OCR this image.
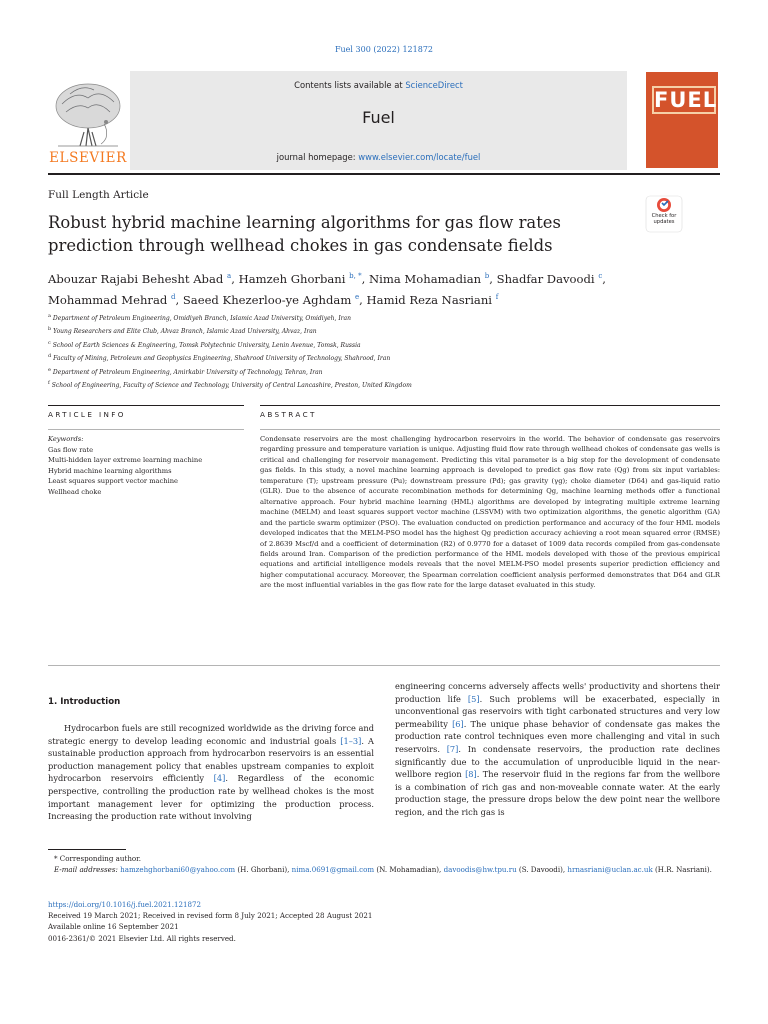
Fuel 300 (2022) 121872
Contents lists available at ScienceDirect
Fuel
journal homepage: www.elsevier.com/locate/fuel
ELSEVIER
FUEL
Full Length Article
Robust hybrid machine learning algorithms for gas flow rates prediction through wellhead chokes in gas condensate fields
Check for updates
Abouzar Rajabi Behesht Abad $^a$, Hamzeh Ghorbani $^{b, *}$, Nima Mohamadian $^b$, Shadfar Davoodi $^c$,
Mohammad Mehrad $^d$, Saeed Khezerloo-ye Aghdam $^e$, Hamid Reza Nasriani $^f$
$^a$ Department of Petroleum Engineering, Omidiyeh Branch, Islamic Azad University, Omidiyeh, Iran
$^b$ Young Researchers and Elite Club, Ahvaz Branch, Islamic Azad University, Ahvaz, Iran
$^c$ School of Earth Sciences & Engineering, Tomsk Polytechnic University, Lenin Avenue, Tomsk, Russia
$^d$ Faculty of Mining, Petroleum and Geophysics Engineering, Shahrood University of Technology, Shahrood, Iran
$^e$ Department of Petroleum Engineering, Amirkabir University of Technology, Tehran, Iran
$^f$ School of Engineering, Faculty of Science and Technology, University of Central Lancashire, Preston, United Kingdom
ARTICLE INFO	ABSTRACT
Keywords:
Gas flow rate
Multi-hidden layer extreme learning machine
Hybrid machine learning algorithms
Least squares support vector machine
Wellhead choke
Condensate reservoirs are the most challenging hydrocarbon reservoirs in the world. The behavior of condensate gas reservoirs regarding pressure and temperature variation is unique. Adjusting fluid flow rate through wellhead chokes of condensate gas wells is critical and challenging for reservoir management. Predicting this vital parameter is a big step for the development of condensate gas fields. In this study, a novel machine learning approach is developed to predict gas flow rate (Qg) from six input variables: temperature (T); upstream pressure (Pu); downstream pressure (Pd); gas gravity (γg); choke diameter (D64) and gas-liquid ratio (GLR). Due to the absence of accurate recombination methods for determining Qg, machine learning methods offer a functional alternative approach. Four hybrid machine learning (HML) algorithms are developed by integrating multiple extreme learning machine (MELM) and least squares support vector machine (LSSVM) with two optimization algorithms, the genetic algorithm (GA) and the particle swarm optimizer (PSO). The evaluation conducted on prediction performance and accuracy of the four HML models developed indicates that the MELM-PSO model has the highest Qg prediction accuracy achieving a root mean squared error (RMSE) of 2.8639 Mscf/d and a coefficient of determination (R2) of 0.9770 for a dataset of 1009 data records compiled from gas-condensate fields around Iran. Comparison of the prediction performance of the HML models developed with those of the previous empirical equations and artificial intelligence models reveals that the novel MELM-PSO model presents superior prediction efficiency and higher computational accuracy. Moreover, the Spearman correlation coefficient analysis performed demonstrates that D64 and GLR are the most influential variables in the gas flow rate for the large dataset evaluated in this study.
1. Introduction
Hydrocarbon fuels are still recognized worldwide as the driving force and strategic energy to develop leading economic and industrial goals [1–3]. A sustainable production approach from hydrocarbon reservoirs is an essential production management policy that enables upstream companies to exploit hydrocarbon reservoirs efficiently [4]. Regardless of the economic perspective, controlling the production rate by wellhead chokes is the most important management lever for optimizing the production process. Increasing the production rate without involving
engineering concerns adversely affects wells' productivity and shortens their production life [5]. Such problems will be exacerbated, especially in unconventional gas reservoirs with tight carbonated structures and very low permeability [6]. The unique phase behavior of condensate gas makes the production rate control techniques even more challenging and vital in such reservoirs. [7]. In condensate reservoirs, the production rate declines significantly due to the accumulation of unproducible liquid in the near-wellbore region [8]. The reservoir fluid in the regions far from the wellbore is a combination of rich gas and non-moveable connate water. At the early production stage, the pressure drops below the dew point near the wellbore region, and the rich gas is
* Corresponding author.
E-mail addresses: hamzehghorbani60@yahoo.com (H. Ghorbani), nima.0691@gmail.com (N. Mohamadian), davoodis@hw.tpu.ru (S. Davoodi), hrnasriani@uclan.ac.uk (H.R. Nasriani).
https://doi.org/10.1016/j.fuel.2021.121872
Received 19 March 2021; Received in revised form 8 July 2021; Accepted 28 August 2021
Available online 16 September 2021
0016-2361/© 2021 Elsevier Ltd. All rights reserved.
